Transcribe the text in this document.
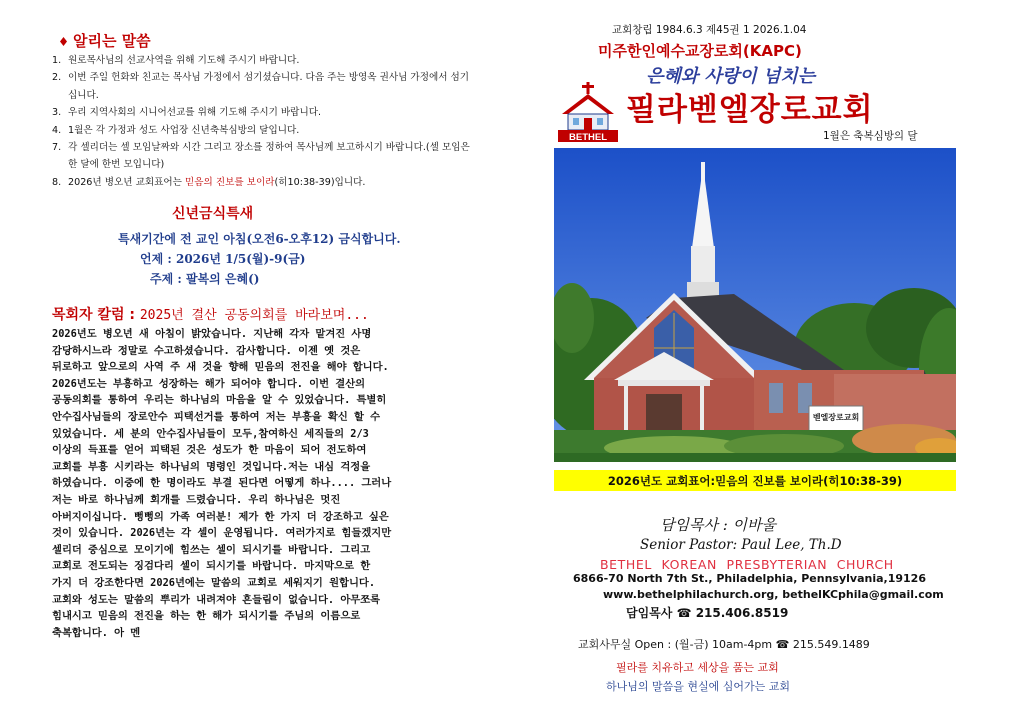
알리는 말씀
1. 원로목사님의 선교사역을 위해 기도해 주시기 바랍니다.
2. 이번 주일 헌화와 친교는 목사님 가정에서 섬기셨습니다. 다음 주는 방영옥 권사님 가정에서 섬기십니다.
3. 우리 지역사회의 시니어선교를 위해 기도해 주시기 바랍니다.
4. 1월은 각 가정과 성도 사업장 신년축복심방의 달입니다.
7. 각 셀리더는 셀 모임날짜와 시간 그리고 장소를 정하여 목사님께 보고하시기 바랍니다.(셀 모임은 한 달에 한번 모입니다)
8. 2026년 병오년 교회표어는 믿음의 진보를 보이라(히10:38-39)입니다.
신년금식특새
특새기간에 전 교인 아침(오전6-오후12) 금식합니다.
언제 : 2026년 1/5(월)-9(금)
주제 : 팔복의 은혜()
목회자 칼럼 : 2025년 결산 공동의회를 바라보며...
2026년도 병오년 새 아침이 밝았습니다. 지난해 각자 맡겨진 사명
감당하시느라 정말로 수고하셨습니다. 감사합니다. 이젠 옛 것은
뒤로하고 앞으로의 사역 주 새 것을 향해 믿음의 전진을 해야 합니다.
2026년도는 부흥하고 성장하는 해가 되어야 합니다. 이번 결산의
공동의회를 통하여 우리는 하나님의 마음을 알 수 있었습니다. 특별히
안수집사님들의 장로안수 피택선거를 통하여 저는 부흥을 확신 할 수
있었습니다. 세 분의 안수집사님들이 모두,참여하신 세직들의 2/3
이상의 득표를 얻어 피택된 것은 성도가 한 마음이 되어 전도하여
교회를 부흥 시키라는 하나님의 명령인 것입니다.저는 내심 걱정을
하였습니다. 이중에 한 명이라도 부결 된다면 어떻게 하나.... 그러나
저는 바로 하나님께 회개를 드렸습니다. 우리 하나님은 멋진
아버지이십니다. 뻥뻥의 가족 여러분! 제가 한 가지 더 강조하고 싶은
것이 있습니다. 2026년는 각 셀이 운영됩니다. 여러가지로 힘들겠지만
셀리더 중심으로 모이기에 힘쓰는 셀이 되시기를 바랍니다. 그리고
교회로 전도되는 징검다리 셀이 되시기를 바랍니다. 마지막으로 한
가지 더 강조한다면 2026년에는 말씀의 교회로 세워지기 원합니다.
교회와 성도는 말씀의 뿌리가 내려져야 흔들림이 없습니다. 아무쪼록
힘내시고 믿음의 전진을 하는 한 해가 되시기를 주님의 이름으로
축복합니다. 아 멘
교회창립 1984.6.3 제45권 1 2026.1.04
미주한인예수교장로회(KAPC)
은혜와 사랑이 넘치는
BETHEL
필라벧엘장로교회
1월은 축복심방의 달
벧엘장로교회
2026년도 교회표어:믿음의 진보를 보이라(히10:38-39)
담임목사 : 이바울
Senior Pastor: Paul Lee, Th.D
BETHEL KOREAN PRESBYTERIAN CHURCH
6866-70 North 7th St., Philadelphia, Pennsylvania,19126
www.bethelphilachurch.org, bethelKCphila@gmail.com
담임목사 ☎ 215.406.8519
교회사무실 Open : (월-금) 10am-4pm ☎ 215.549.1489
필라를 치유하고 세상을 품는 교회
하나님의 말씀을 현실에 심어가는 교회
